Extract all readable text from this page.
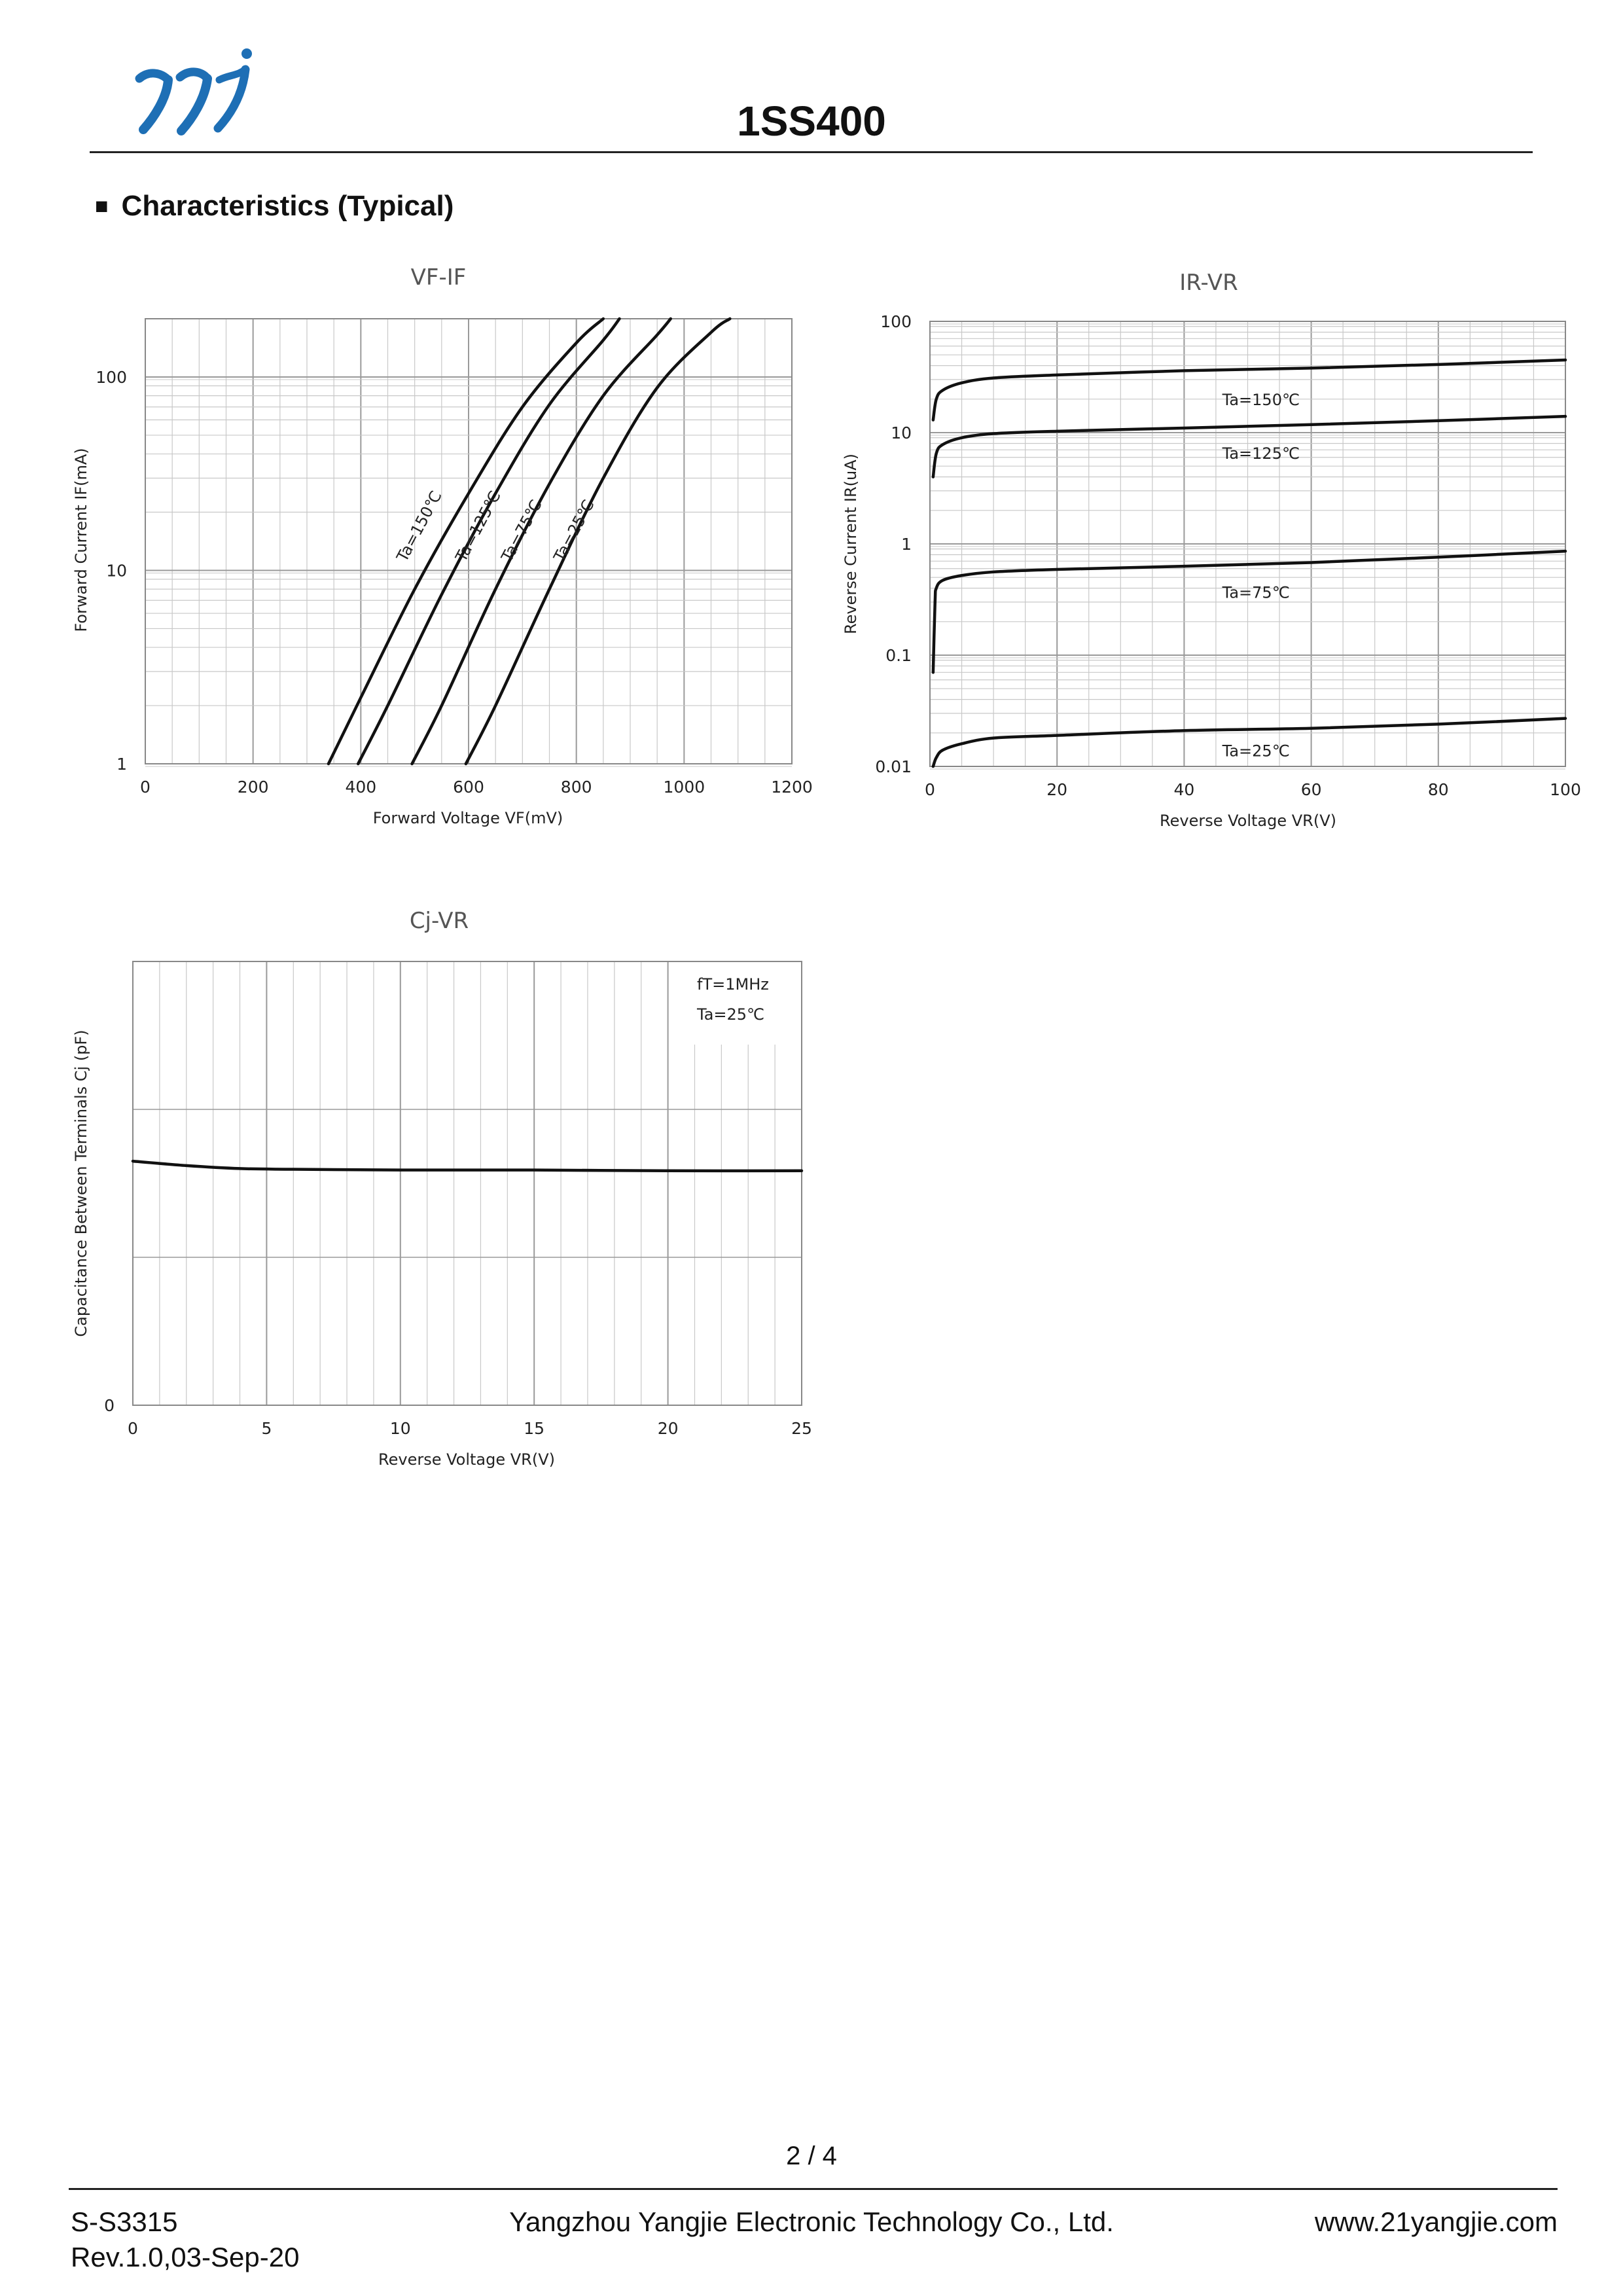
1SS400
■ Characteristics (Typical)
VF-IF
0	200	400	600	800	1000	1200
1
10
100
Ta=150℃ Ta=125℃
Ta=75℃ Ta=25℃
Forward Voltage VF(mV)
Forward Current IF(mA)
IR-VR
0	20	40	60	80	100
0.01
0.1
1
10
100
Ta=150℃
Ta=125℃
Ta=75℃
Ta=25℃
Reverse Voltage VR(V)
Reverse Current IR(uA)
Cj-VR
0	5	10	15	20	25
0
fT=1MHz
Ta=25℃
Reverse Voltage VR(V)
Capacitance Between Terminals Cj (pF)
2 / 4
S-S3315
Rev.1.0,03-Sep-20
Yangzhou Yangjie Electronic Technology Co., Ltd.	www.21yangjie.com
